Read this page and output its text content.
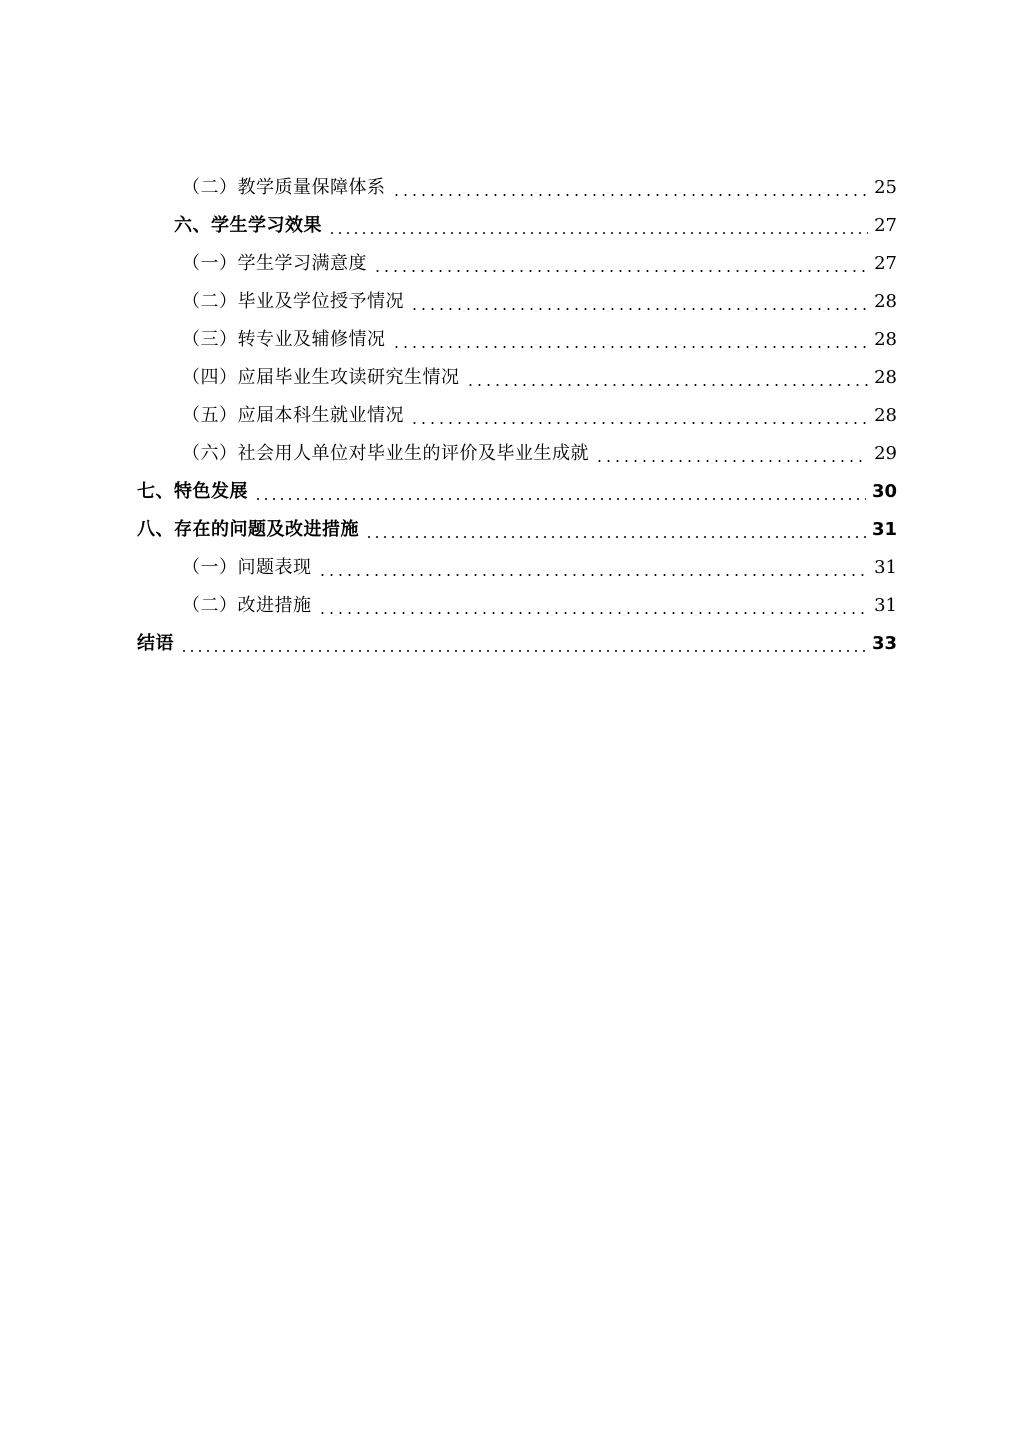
（二）教学质量保障体系	25
六、学生学习效果	27
（一）学生学习满意度	27
（二）毕业及学位授予情况	28
（三）转专业及辅修情况	28
（四）应届毕业生攻读研究生情况	28
（五）应届本科生就业情况	28
（六）社会用人单位对毕业生的评价及毕业生成就	29
七、特色发展	30
八、存在的问题及改进措施	31
（一）问题表现	31
（二）改进措施	31
结语	33
